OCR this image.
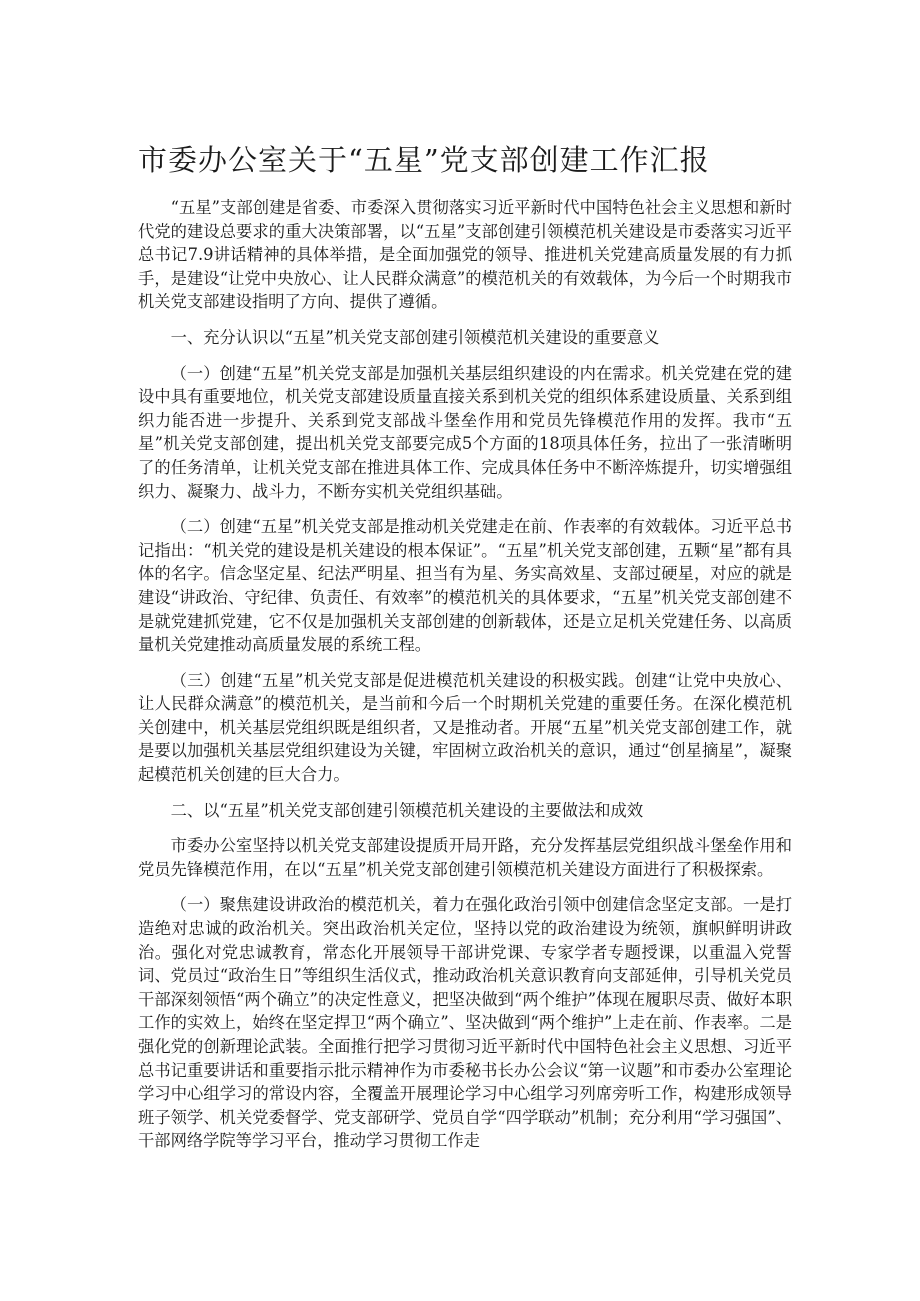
市委办公室关于“五星”党支部创建工作汇报

“五星”支部创建是省委、市委深入贯彻落实习近平新时代中国特色社会主义思想和新时代党的建设总要求的重大决策部署，以“五星”支部创建引领模范机关建设是市委落实习近平总书记7.9讲话精神的具体举措，是全面加强党的领导、推进机关党建高质量发展的有力抓手，是建设“让党中央放心、让人民群众满意”的模范机关的有效载体，为今后一个时期我市机关党支部建设指明了方向、提供了遵循。

一、充分认识以“五星”机关党支部创建引领模范机关建设的重要意义

（一）创建“五星”机关党支部是加强机关基层组织建设的内在需求。机关党建在党的建设中具有重要地位，机关党支部建设质量直接关系到机关党的组织体系建设质量、关系到组织力能否进一步提升、关系到党支部战斗堡垒作用和党员先锋模范作用的发挥。我市“五星”机关党支部创建，提出机关党支部要完成5个方面的18项具体任务，拉出了一张清晰明了的任务清单，让机关党支部在推进具体工作、完成具体任务中不断淬炼提升，切实增强组织力、凝聚力、战斗力，不断夯实机关党组织基础。

（二）创建“五星”机关党支部是推动机关党建走在前、作表率的有效载体。习近平总书记指出：“机关党的建设是机关建设的根本保证”。“五星”机关党支部创建，五颗“星”都有具体的名字。信念坚定星、纪法严明星、担当有为星、务实高效星、支部过硬星，对应的就是建设“讲政治、守纪律、负责任、有效率”的模范机关的具体要求，“五星”机关党支部创建不是就党建抓党建，它不仅是加强机关支部创建的创新载体，还是立足机关党建任务、以高质量机关党建推动高质量发展的系统工程。

（三）创建“五星”机关党支部是促进模范机关建设的积极实践。创建“让党中央放心、让人民群众满意”的模范机关，是当前和今后一个时期机关党建的重要任务。在深化模范机关创建中，机关基层党组织既是组织者，又是推动者。开展“五星”机关党支部创建工作，就是要以加强机关基层党组织建设为关键，牢固树立政治机关的意识，通过“创星摘星”，凝聚起模范机关创建的巨大合力。

二、以“五星”机关党支部创建引领模范机关建设的主要做法和成效

市委办公室坚持以机关党支部建设提质开局开路，充分发挥基层党组织战斗堡垒作用和党员先锋模范作用，在以“五星”机关党支部创建引领模范机关建设方面进行了积极探索。

（一）聚焦建设讲政治的模范机关，着力在强化政治引领中创建信念坚定支部。一是打造绝对忠诚的政治机关。突出政治机关定位，坚持以党的政治建设为统领，旗帜鲜明讲政治。强化对党忠诚教育，常态化开展领导干部讲党课、专家学者专题授课，以重温入党誓词、党员过“政治生日”等组织生活仪式，推动政治机关意识教育向支部延伸，引导机关党员干部深刻领悟“两个确立”的决定性意义，把坚决做到“两个维护”体现在履职尽责、做好本职工作的实效上，始终在坚定捍卫“两个确立”、坚决做到“两个维护”上走在前、作表率。二是强化党的创新理论武装。全面推行把学习贯彻习近平新时代中国特色社会主义思想、习近平总书记重要讲话和重要指示批示精神作为市委秘书长办公会议“第一议题”和市委办公室理论学习中心组学习的常设内容，全覆盖开展理论学习中心组学习列席旁听工作，构建形成领导班子领学、机关党委督学、党支部研学、党员自学“四学联动”机制；充分利用“学习强国”、干部网络学院等学习平台，推动学习贯彻工作走
